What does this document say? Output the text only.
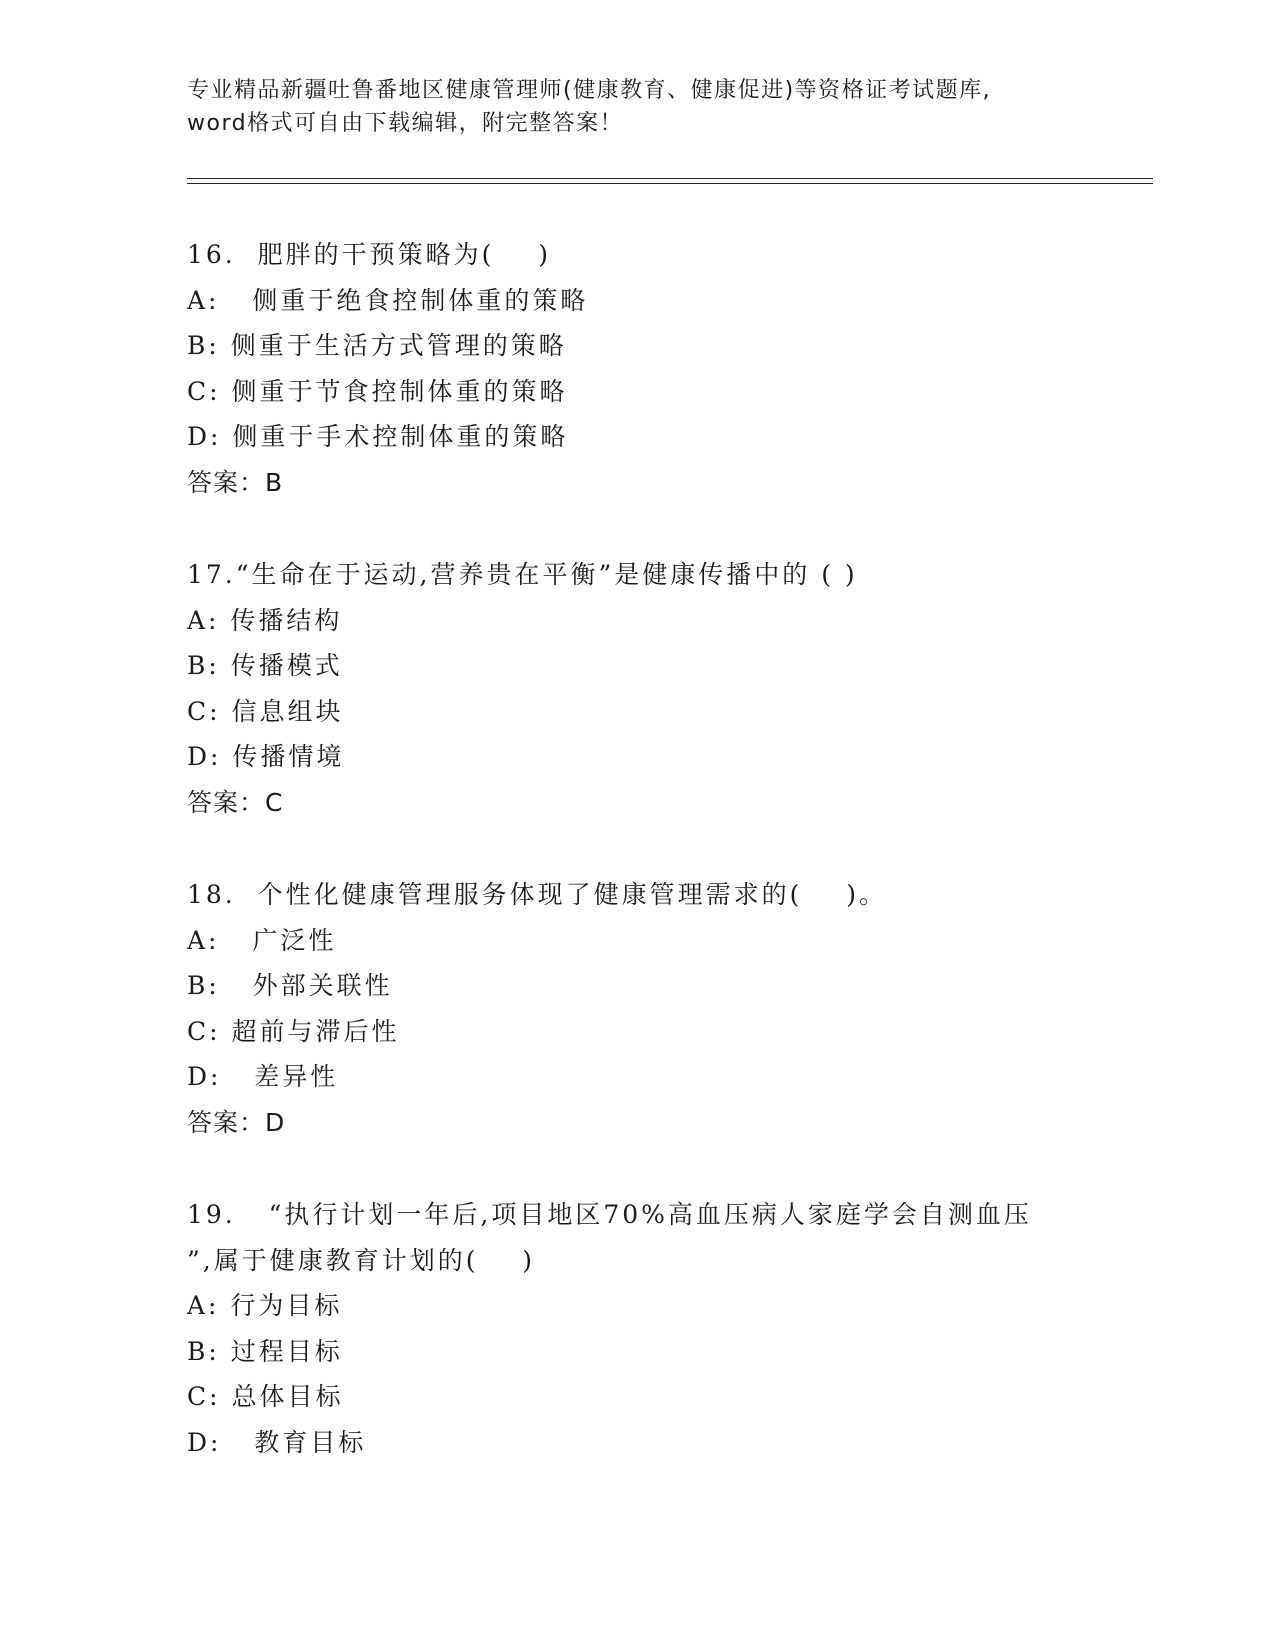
专业精品新疆吐鲁番地区健康管理师(健康教育、健康促进)等资格证考试题库,
word格式可自由下载编辑，附完整答案！
16.  肥胖的干预策略为(    )
A:   侧重于绝食控制体重的策略
B: 侧重于生活方式管理的策略
C: 侧重于节食控制体重的策略
D: 侧重于手术控制体重的策略
答案：B
17.“生命在于运动,营养贵在平衡”是健康传播中的 ( )
A: 传播结构
B: 传播模式
C: 信息组块
D: 传播情境
答案：C
18.  个性化健康管理服务体现了健康管理需求的(    )。
A:   广泛性
B:   外部关联性
C: 超前与滞后性
D:   差异性
答案：D
19.   “执行计划一年后,项目地区70%高血压病人家庭学会自测血压
”,属于健康教育计划的(    )
A: 行为目标
B: 过程目标
C: 总体目标
D:   教育目标
